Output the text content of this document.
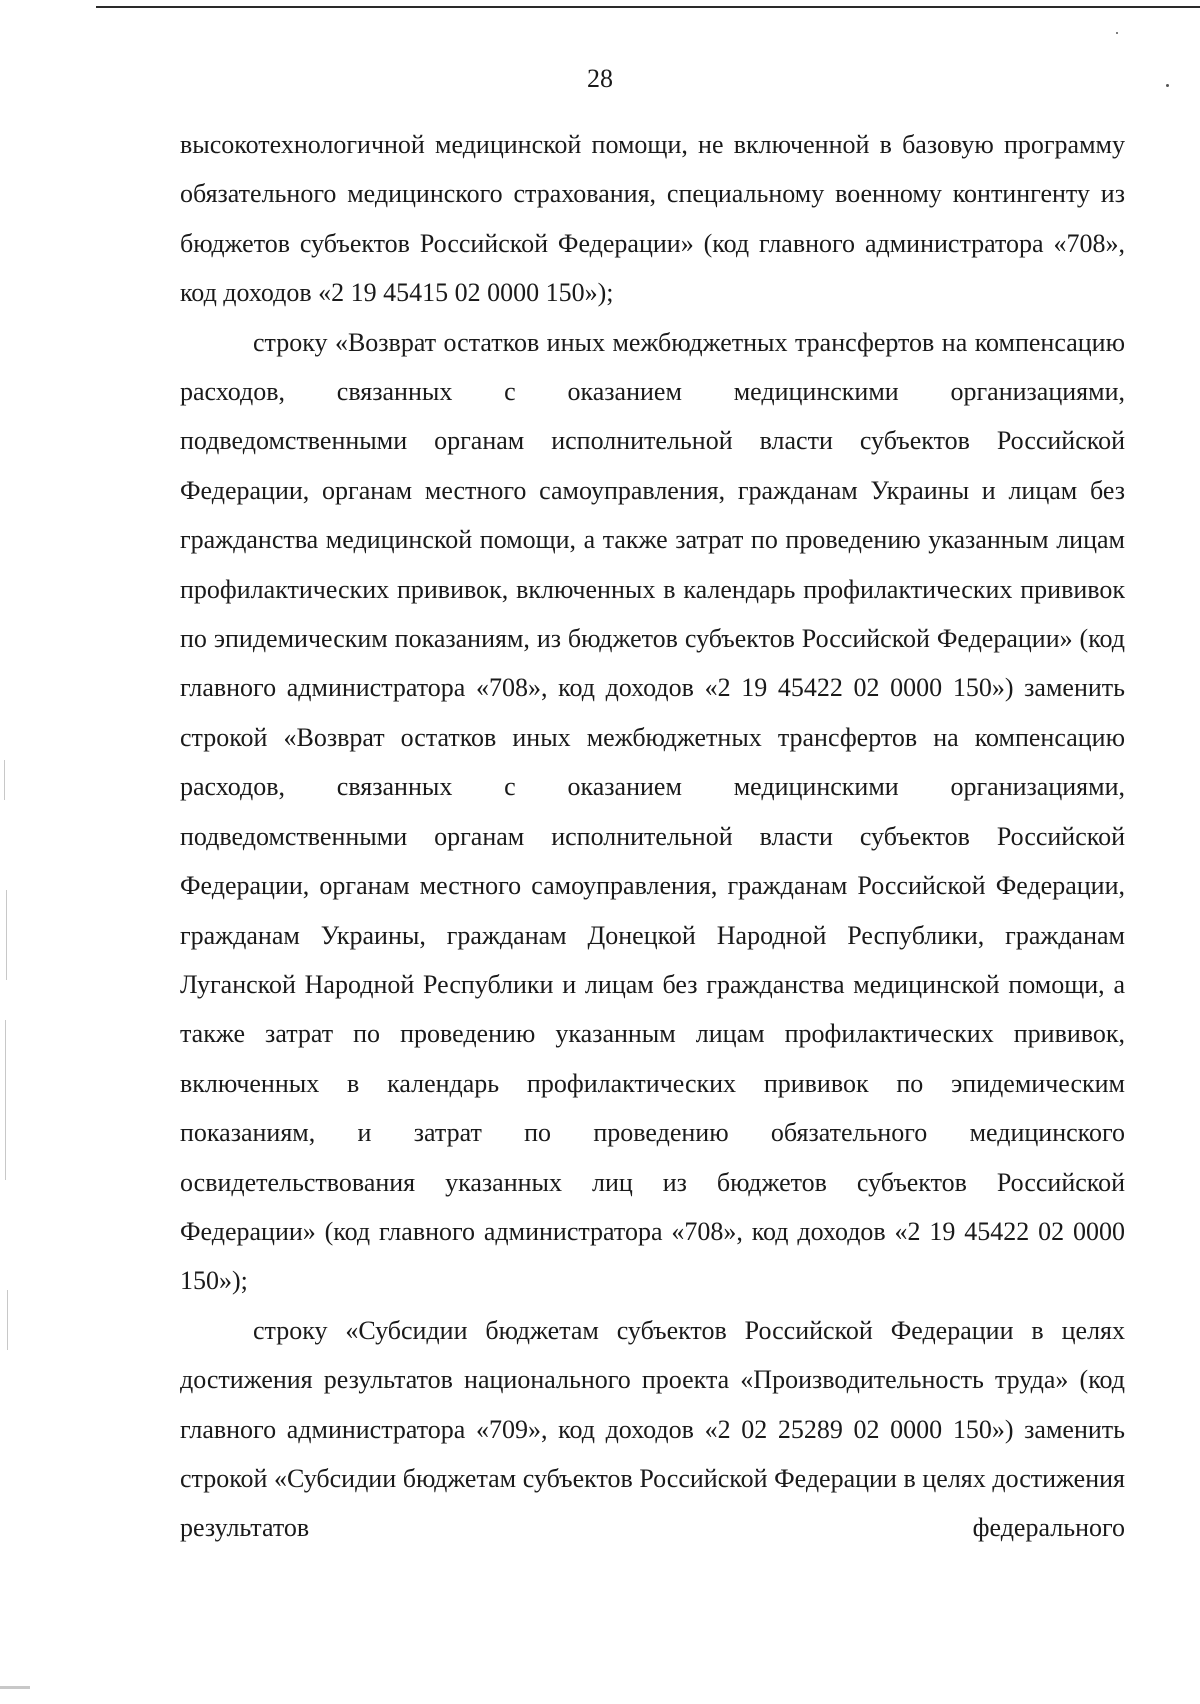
28

высокотехнологичной медицинской помощи, не включенной в базовую программу обязательного медицинского страхования, специальному военному контингенту из бюджетов субъектов Российской Федерации» (код главного администратора «708», код доходов «2 19 45415 02 0000 150»);

строку «Возврат остатков иных межбюджетных трансфертов на компенсацию расходов, связанных с оказанием медицинскими организациями, подведомственными органам исполнительной власти субъектов Российской Федерации, органам местного самоуправления, гражданам Украины и лицам без гражданства медицинской помощи, а также затрат по проведению указанным лицам профилактических прививок, включенных в календарь профилактических прививок по эпидемическим показаниям, из бюджетов субъектов Российской Федерации» (код главного администратора «708», код доходов «2 19 45422 02 0000 150») заменить строкой «Возврат остатков иных межбюджетных трансфертов на компенсацию расходов, связанных с оказанием медицинскими организациями, подведомственными органам исполнительной власти субъектов Российской Федерации, органам местного самоуправления, гражданам Российской Федерации, гражданам Украины, гражданам Донецкой Народной Республики, гражданам Луганской Народной Республики и лицам без гражданства медицинской помощи, а также затрат по проведению указанным лицам профилактических прививок, включенных в календарь профилактических прививок по эпидемическим показаниям, и затрат по проведению обязательного медицинского освидетельствования указанных лиц из бюджетов субъектов Российской Федерации» (код главного администратора «708», код доходов «2 19 45422 02 0000 150»);

строку «Субсидии бюджетам субъектов Российской Федерации в целях достижения результатов национального проекта «Производительность труда» (код главного администратора «709», код доходов «2 02 25289 02 0000 150») заменить строкой «Субсидии бюджетам субъектов Российской Федерации в целях достижения результатов федерального
